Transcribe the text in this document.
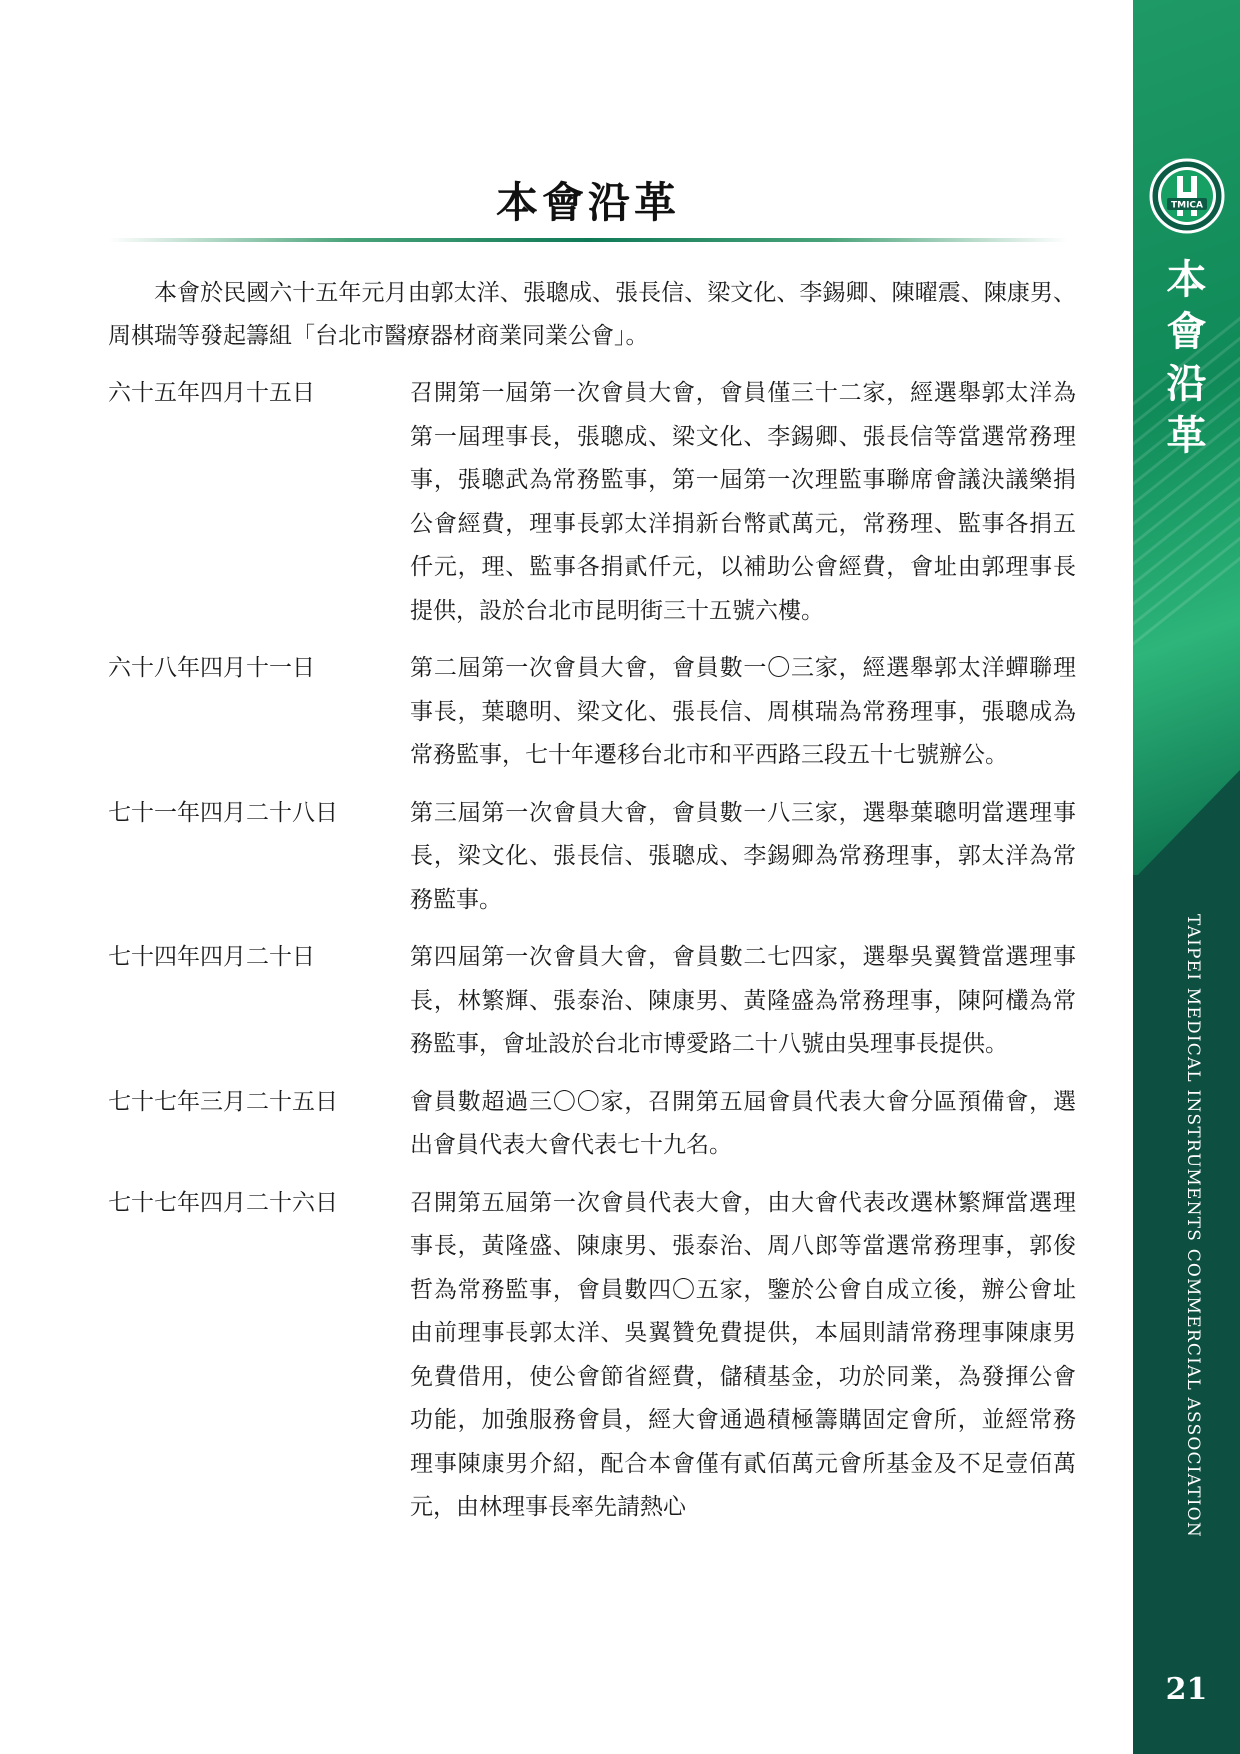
本會沿革

本會於民國六十五年元月由郭太洋、張聰成、張長信、梁文化、李錫卿、陳曜震、陳康男、周棋瑞等發起籌組「台北市醫療器材商業同業公會」。

六十五年四月十五日	召開第一屆第一次會員大會，會員僅三十二家，經選舉郭太洋為第一屆理事長，張聰成、梁文化、李錫卿、張長信等當選常務理事，張聰武為常務監事，第一屆第一次理監事聯席會議決議樂捐公會經費，理事長郭太洋捐新台幣貳萬元，常務理、監事各捐五仟元，理、監事各捐貳仟元，以補助公會經費，會址由郭理事長提供，設於台北市昆明街三十五號六樓。

六十八年四月十一日	第二屆第一次會員大會，會員數一〇三家，經選舉郭太洋蟬聯理事長，葉聰明、梁文化、張長信、周棋瑞為常務理事，張聰成為常務監事，七十年遷移台北市和平西路三段五十七號辦公。

七十一年四月二十八日	第三屆第一次會員大會，會員數一八三家，選舉葉聰明當選理事長，梁文化、張長信、張聰成、李錫卿為常務理事，郭太洋為常務監事。

七十四年四月二十日	第四屆第一次會員大會，會員數二七四家，選舉吳翼贊當選理事長，林繁輝、張泰治、陳康男、黃隆盛為常務理事，陳阿欉為常務監事，會址設於台北市博愛路二十八號由吳理事長提供。

七十七年三月二十五日	會員數超過三〇〇家，召開第五屆會員代表大會分區預備會，選出會員代表大會代表七十九名。

七十七年四月二十六日	召開第五屆第一次會員代表大會，由大會代表改選林繁輝當選理事長，黃隆盛、陳康男、張泰治、周八郎等當選常務理事，郭俊哲為常務監事，會員數四〇五家，鑒於公會自成立後，辦公會址由前理事長郭太洋、吳翼贊免費提供，本屆則請常務理事陳康男免費借用，使公會節省經費，儲積基金，功於同業，為發揮公會功能，加強服務會員，經大會通過積極籌購固定會所，並經常務理事陳康男介紹，配合本會僅有貳佰萬元會所基金及不足壹佰萬元，由林理事長率先請熱心

TMICA
本
會
沿
革
TAIPEI MEDICAL INSTRUMENTS COMMERCIAL ASSOCIATION
21
